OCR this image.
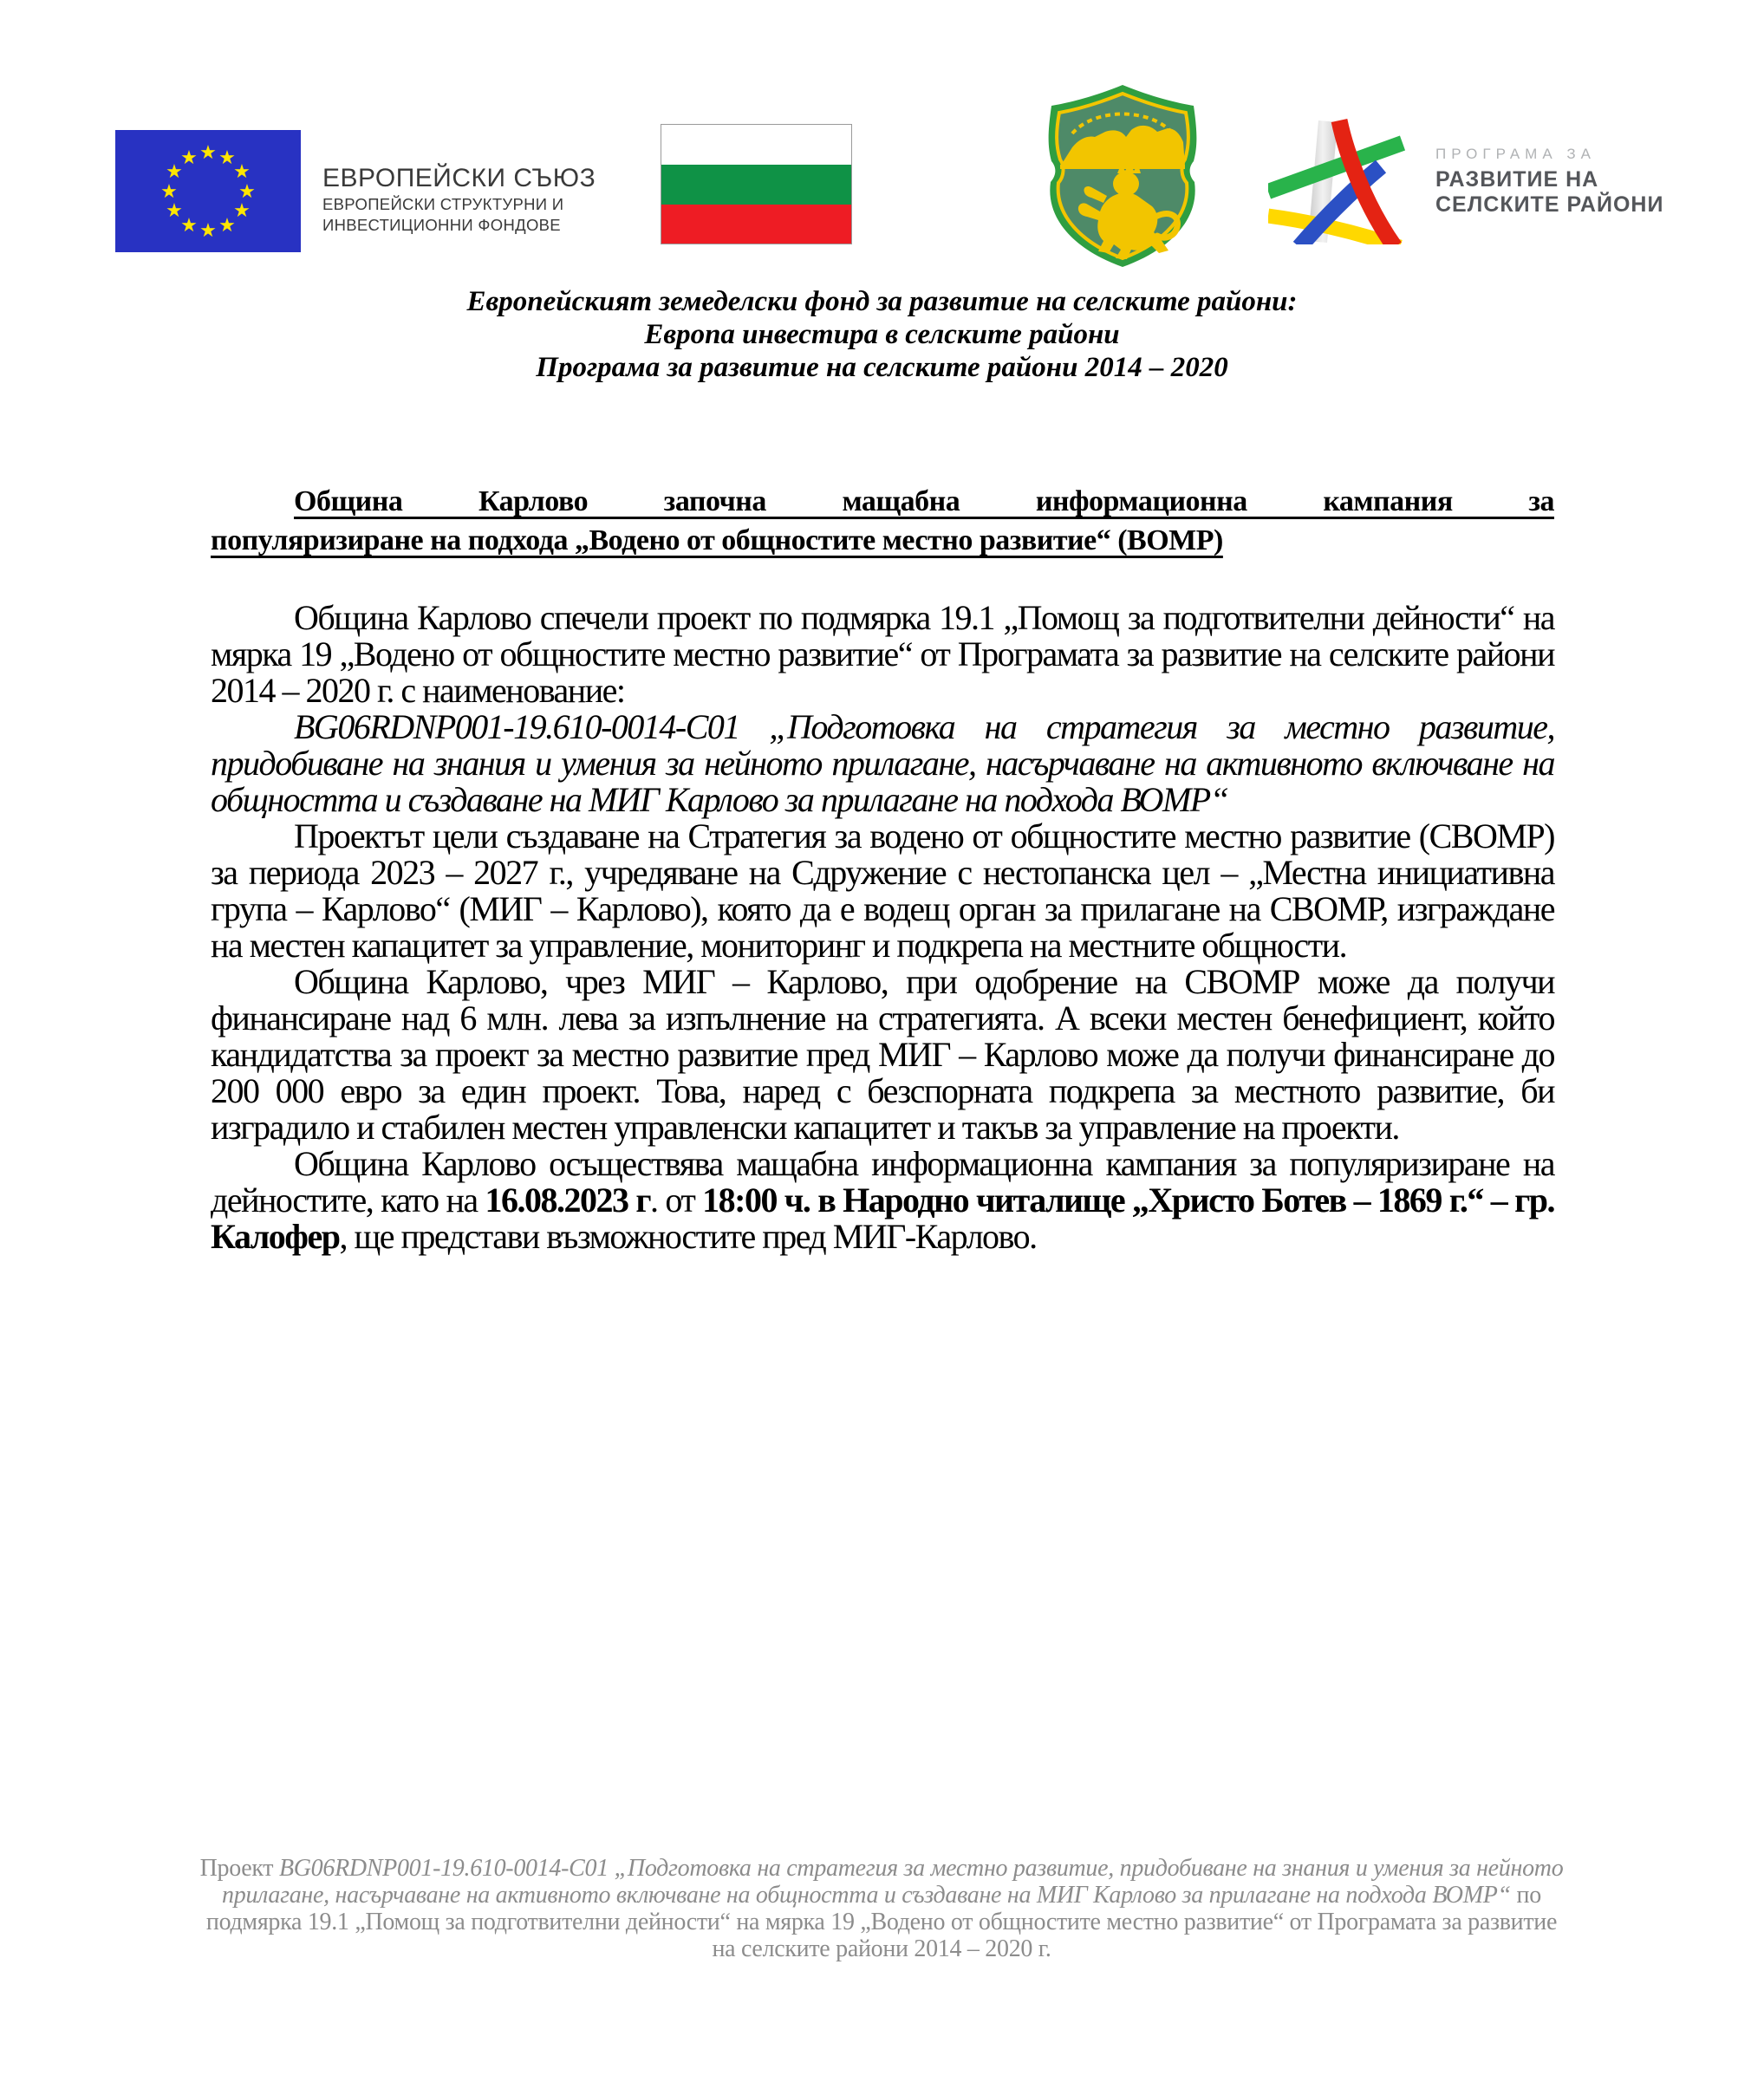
★ ★
★
★
★
★
★
★
★
★
★
★
ЕВРОПЕЙСКИ СЪЮЗ
ЕВРОПЕЙСКИ СТРУКТУРНИ И
ИНВЕСТИЦИОННИ ФОНДОВЕ
ПРОГРАМА ЗА
РАЗВИТИЕ НА
СЕЛСКИТЕ РАЙОНИ
Европейският земеделски фонд за развитие на селските райони:
Европа инвестира в селските райони
Програма за развитие на селските райони 2014 – 2020
Община Карлово започна мащабна информационна кампания за
популяризиране на подхода „Водено от общностите местно развитие“ (ВОМР)

Община Карлово спечели проект по подмярка 19.1 „Помощ за подготвителни дейности“ на мярка 19 „Водено от общностите местно развитие“ от Програмата за развитие на селските райони 2014 – 2020 г. с наименование:

BG06RDNP001-19.610-0014-C01 „Подготовка на стратегия за местно развитие, придобиване на знания и умения за нейното прилагане, насърчаване на активното включване на общността и създаване на МИГ Карлово за прилагане на подхода ВОМР“

Проектът цели създаване на Стратегия за водено от общностите местно развитие (СВОМР) за периода 2023 – 2027 г., учредяване на Сдружение с нестопанска цел – „Местна инициативна група – Карлово“ (МИГ – Карлово), която да е водещ орган за прилагане на СВОМР, изграждане на местен капацитет за управление, мониторинг и подкрепа на местните общности.

Община Карлово, чрез МИГ – Карлово, при одобрение на СВОМР може да получи финансиране над 6 млн. лева за изпълнение на стратегията. А всеки местен бенефициент, който кандидатства за проект за местно развитие пред МИГ – Карлово може да получи финансиране до 200 000 евро за един проект. Това, наред с безспорната подкрепа за местното развитие, би изградило и стабилен местен управленски капацитет и такъв за управление на проекти.

Община Карлово осъществява мащабна информационна кампания за популяризиране на дейностите, като на 16.08.2023 г. от 18:00 ч. в Народно читалище „Христо Ботев – 1869 г.“ – гр. Калофер, ще представи възможностите пред МИГ-Карлово.

Проект BG06RDNP001-19.610-0014-C01 „Подготовка на стратегия за местно развитие, придобиване на знания и умения за нейното прилагане, насърчаване на активното включване на общността и създаване на МИГ Карлово за прилагане на подхода ВОМР“ по подмярка 19.1 „Помощ за подготвителни дейности“ на мярка 19 „Водено от общностите местно развитие“ от Програмата за развитие на селските райони 2014 – 2020 г.
